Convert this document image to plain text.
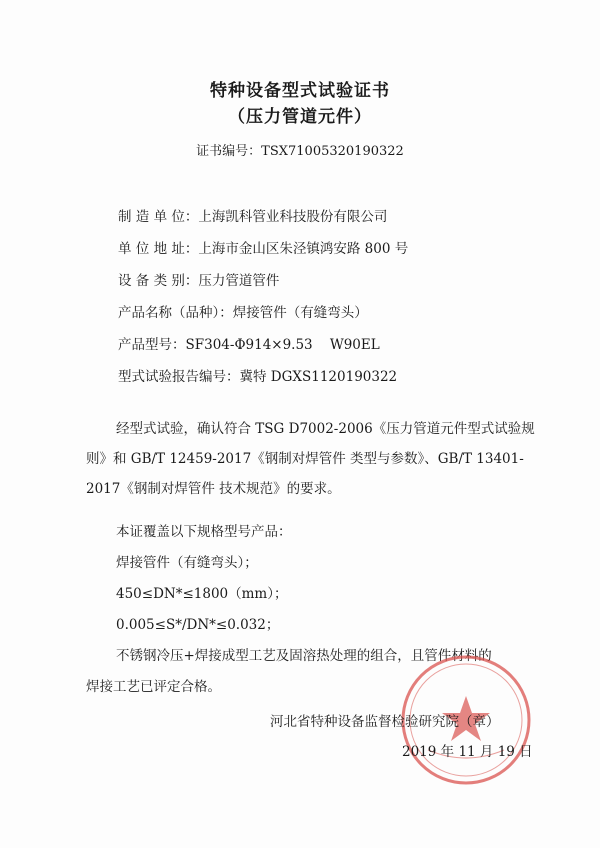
特种设备型式试验证书
（压力管道元件）
证书编号：TSX71005320190322
制 造 单 位：上海凯科管业科技股份有限公司
单 位 地 址：上海市金山区朱泾镇鸿安路 800 号
设 备 类 别：压力管道管件
产品名称（品种）：焊接管件（有缝弯头）
产品型号：SF304-Φ914×9.53    W90EL
型式试验报告编号：冀特 DGXS1120190322
经型式试验，确认符合 TSG D7002-2006《压力管道元件型式试验规则》和 GB/T 12459-2017《钢制对焊管件 类型与参数》、GB/T 13401-2017《钢制对焊管件 技术规范》的要求。
本证覆盖以下规格型号产品：
焊接管件（有缝弯头）；
450≤DN*≤1800（mm）；
0.005≤S*/DN*≤0.032；
不锈钢冷压+焊接成型工艺及固溶热处理的组合，且管件材料的
焊接工艺已评定合格。
河北省特种设备监督检验研究院（章）
2019 年 11 月 19 日
